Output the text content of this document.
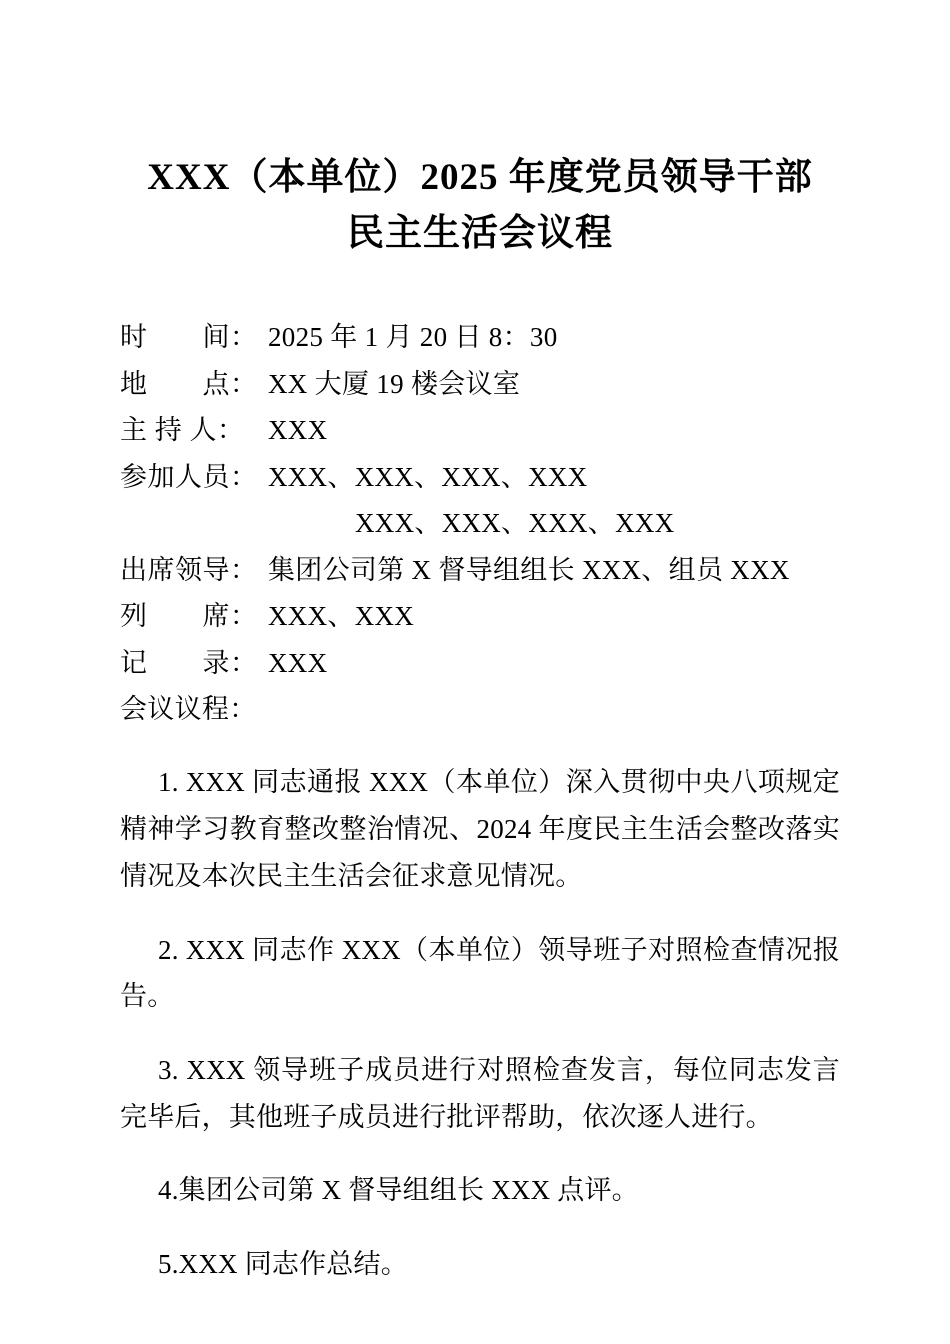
XXX（本单位）2025 年度党员领导干部
民主生活会议程
时　　间： 2025 年 1 月 20 日 8：30
地　　点： XX 大厦 19 楼会议室
主 持 人： XXX
参加人员： XXX、XXX、XXX、XXX
XXX、XXX、XXX、XXX
出席领导： 集团公司第 X 督导组组长 XXX、组员 XXX
列　　席： XXX、XXX
记　　录： XXX
会议议程：

1. XXX 同志通报 XXX（本单位）深入贯彻中央八项规定精神学习教育整改整治情况、2024 年度民主生活会整改落实情况及本次民主生活会征求意见情况。

2. XXX 同志作 XXX（本单位）领导班子对照检查情况报告。

3. XXX 领导班子成员进行对照检查发言，每位同志发言完毕后，其他班子成员进行批评帮助，依次逐人进行。

4.集团公司第 X 督导组组长 XXX 点评。

5.XXX 同志作总结。
